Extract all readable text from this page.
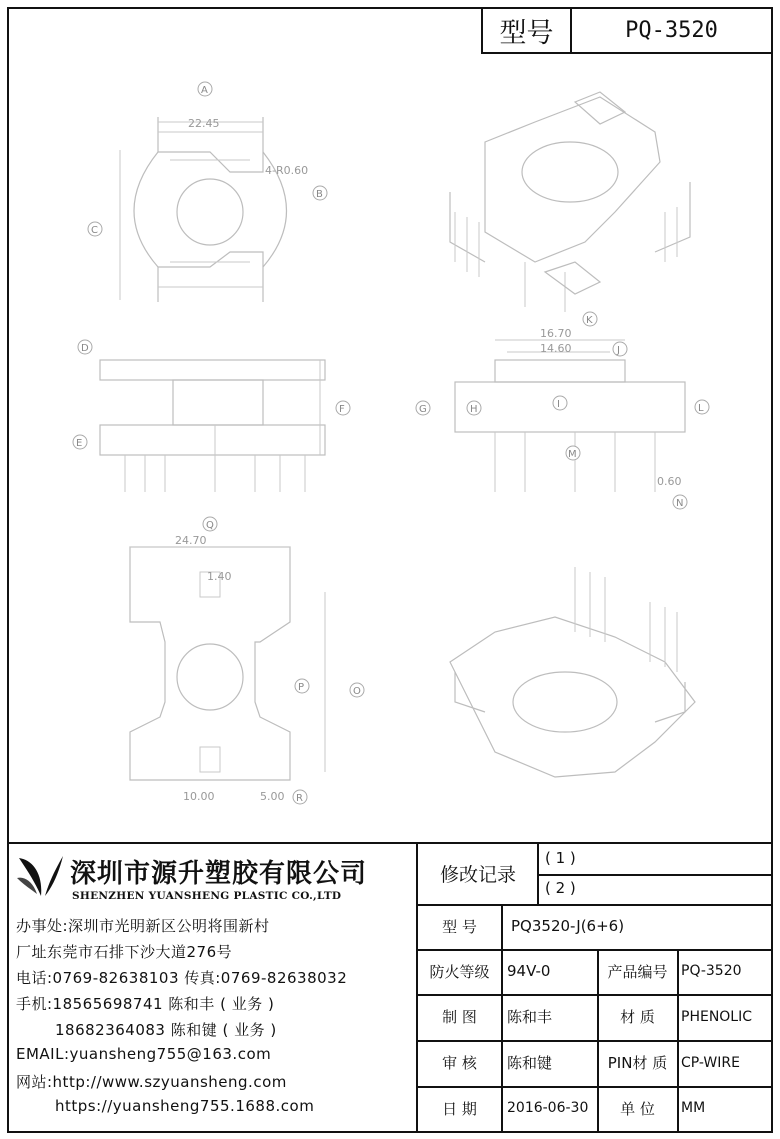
型号	PQ-3520
22.45
4-R0.60
16.70
14.60
0.60
24.70
1.40
10.00	5.00
A
B
C
D
E
F	G	H	I
J
K
L
M
N
O
P
Q
R
深圳市源升塑胶有限公司
SHENZHEN YUANSHENG PLASTIC CO.,LTD
办事处:深圳市光明新区公明将围新村
厂址东莞市石排下沙大道276号
电话:0769-82638103 传真:0769-82638032
手机:18565698741 陈和丰 ( 业务 )
18682364083 陈和键 ( 业务 )
EMAIL:yuansheng755@163.com
网站:http://www.szyuansheng.com
https://yuansheng755.1688.com
修改记录
( 1 )
( 2 )
型 号	PQ3520-J(6+6)
防火等级	94V-0	产品编号 PQ-3520
制 图	陈和丰	材 质	PHENOLIC
审 核	陈和键	PIN材 质 CP-WIRE
日 期	2016-06-30	单 位	MM
